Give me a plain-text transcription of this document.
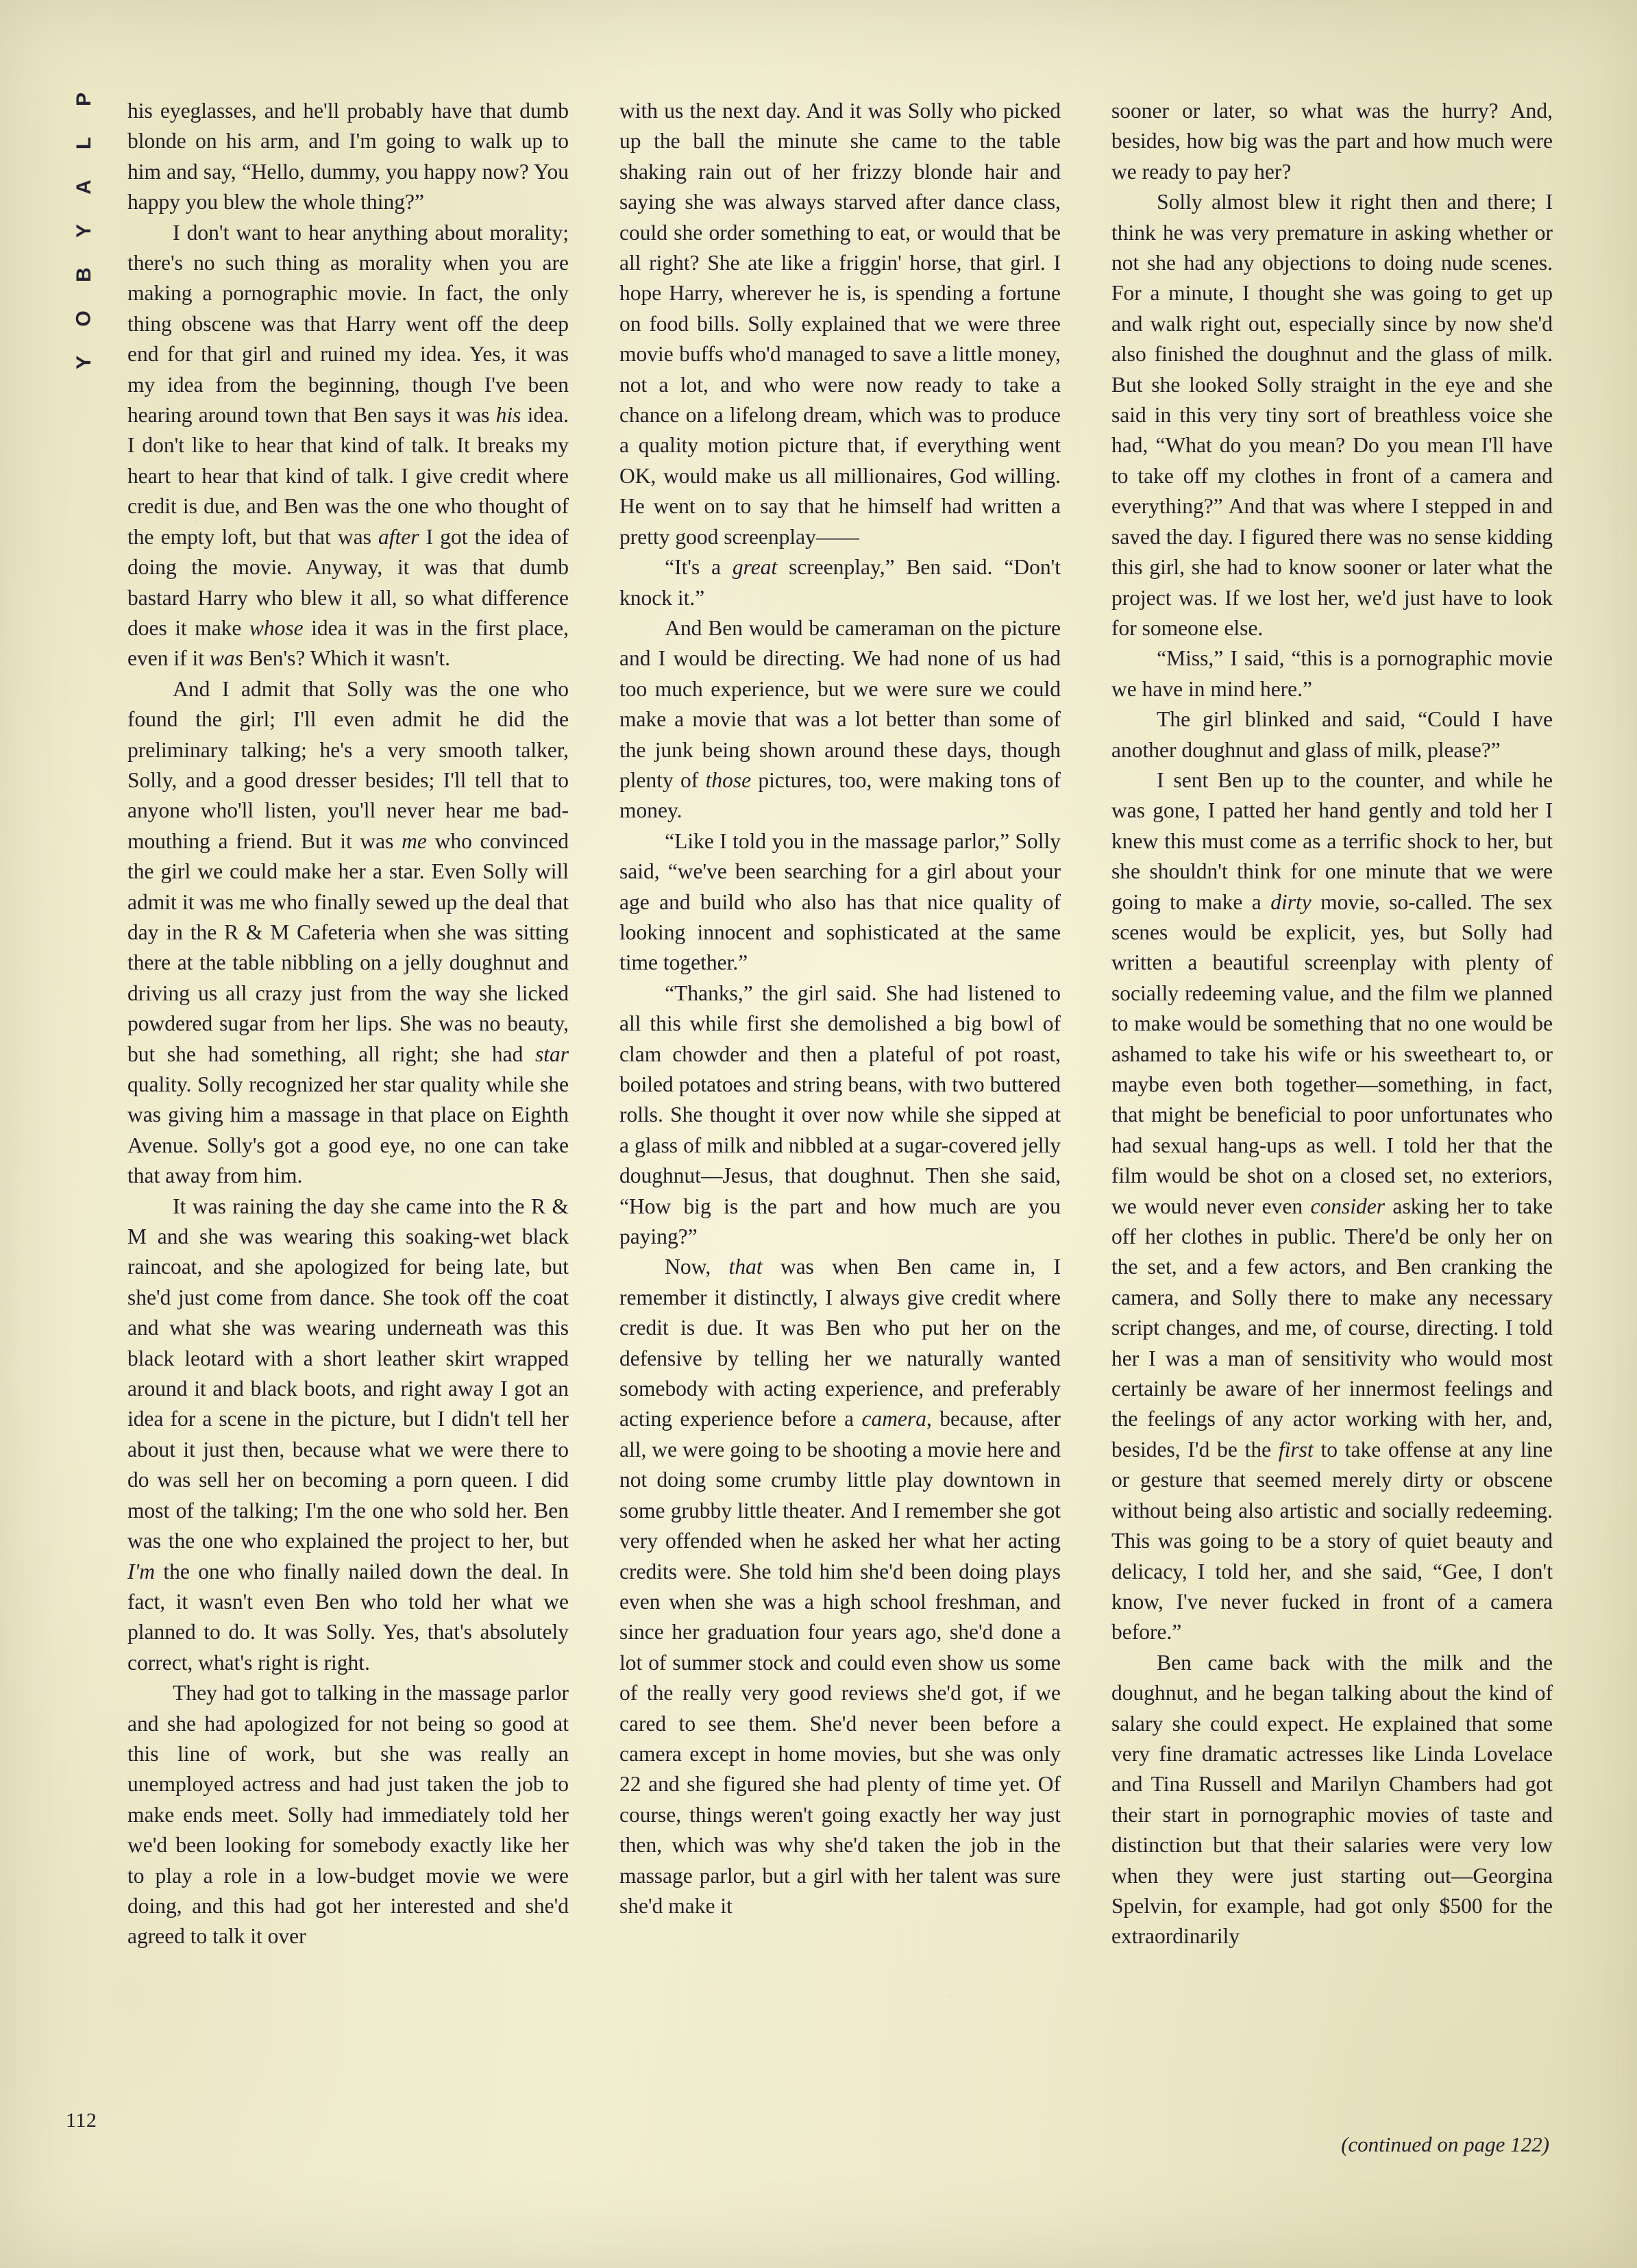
P
L
A
Y
B
O
Y

his eyeglasses, and he'll probably have that dumb blonde on his arm, and I'm going to walk up to him and say, “Hello, dummy, you happy now? You happy you blew the whole thing?”

I don't want to hear anything about morality; there's no such thing as morality when you are making a pornographic movie. In fact, the only thing obscene was that Harry went off the deep end for that girl and ruined my idea. Yes, it was my idea from the beginning, though I've been hearing around town that Ben says it was his idea. I don't like to hear that kind of talk. It breaks my heart to hear that kind of talk. I give credit where credit is due, and Ben was the one who thought of the empty loft, but that was after I got the idea of doing the movie. Anyway, it was that dumb bastard Harry who blew it all, so what difference does it make whose idea it was in the first place, even if it was Ben's? Which it wasn't.

And I admit that Solly was the one who found the girl; I'll even admit he did the preliminary talking; he's a very smooth talker, Solly, and a good dresser besides; I'll tell that to anyone who'll listen, you'll never hear me bad-mouthing a friend. But it was me who convinced the girl we could make her a star. Even Solly will admit it was me who finally sewed up the deal that day in the R & M Cafeteria when she was sitting there at the table nibbling on a jelly doughnut and driving us all crazy just from the way she licked powdered sugar from her lips. She was no beauty, but she had something, all right; she had star quality. Solly recognized her star quality while she was giving him a massage in that place on Eighth Avenue. Solly's got a good eye, no one can take that away from him.

It was raining the day she came into the R & M and she was wearing this soaking-wet black raincoat, and she apologized for being late, but she'd just come from dance. She took off the coat and what she was wearing underneath was this black leotard with a short leather skirt wrapped around it and black boots, and right away I got an idea for a scene in the picture, but I didn't tell her about it just then, because what we were there to do was sell her on becoming a porn queen. I did most of the talking; I'm the one who sold her. Ben was the one who explained the project to her, but I'm the one who finally nailed down the deal. In fact, it wasn't even Ben who told her what we planned to do. It was Solly. Yes, that's absolutely correct, what's right is right.

They had got to talking in the massage parlor and she had apologized for not being so good at this line of work, but she was really an unemployed actress and had just taken the job to make ends meet. Solly had immediately told her we'd been looking for somebody exactly like her to play a role in a low-budget movie we were doing, and this had got her interested and she'd agreed to talk it over

with us the next day. And it was Solly who picked up the ball the minute she came to the table shaking rain out of her frizzy blonde hair and saying she was always starved after dance class, could she order something to eat, or would that be all right? She ate like a friggin' horse, that girl. I hope Harry, wherever he is, is spending a fortune on food bills. Solly explained that we were three movie buffs who'd managed to save a little money, not a lot, and who were now ready to take a chance on a lifelong dream, which was to produce a quality motion picture that, if everything went OK, would make us all millionaires, God willing. He went on to say that he himself had written a pretty good screenplay——

“It's a great screenplay,” Ben said. “Don't knock it.”

And Ben would be cameraman on the picture and I would be directing. We had none of us had too much experience, but we were sure we could make a movie that was a lot better than some of the junk being shown around these days, though plenty of those pictures, too, were making tons of money.

“Like I told you in the massage parlor,” Solly said, “we've been searching for a girl about your age and build who also has that nice quality of looking innocent and sophisticated at the same time together.”

“Thanks,” the girl said. She had listened to all this while first she demolished a big bowl of clam chowder and then a plateful of pot roast, boiled potatoes and string beans, with two buttered rolls. She thought it over now while she sipped at a glass of milk and nibbled at a sugar-covered jelly doughnut—Jesus, that doughnut. Then she said, “How big is the part and how much are you paying?”

Now, that was when Ben came in, I remember it distinctly, I always give credit where credit is due. It was Ben who put her on the defensive by telling her we naturally wanted somebody with acting experience, and preferably acting experience before a camera, because, after all, we were going to be shooting a movie here and not doing some crumby little play downtown in some grubby little theater. And I remember she got very offended when he asked her what her acting credits were. She told him she'd been doing plays even when she was a high school freshman, and since her graduation four years ago, she'd done a lot of summer stock and could even show us some of the really very good reviews she'd got, if we cared to see them. She'd never been before a camera except in home movies, but she was only 22 and she figured she had plenty of time yet. Of course, things weren't going exactly her way just then, which was why she'd taken the job in the massage parlor, but a girl with her talent was sure she'd make it

sooner or later, so what was the hurry? And, besides, how big was the part and how much were we ready to pay her?

Solly almost blew it right then and there; I think he was very premature in asking whether or not she had any objections to doing nude scenes. For a minute, I thought she was going to get up and walk right out, especially since by now she'd also finished the doughnut and the glass of milk. But she looked Solly straight in the eye and she said in this very tiny sort of breathless voice she had, “What do you mean? Do you mean I'll have to take off my clothes in front of a camera and everything?” And that was where I stepped in and saved the day. I figured there was no sense kidding this girl, she had to know sooner or later what the project was. If we lost her, we'd just have to look for someone else.

“Miss,” I said, “this is a pornographic movie we have in mind here.”

The girl blinked and said, “Could I have another doughnut and glass of milk, please?”

I sent Ben up to the counter, and while he was gone, I patted her hand gently and told her I knew this must come as a terrific shock to her, but she shouldn't think for one minute that we were going to make a dirty movie, so-called. The sex scenes would be explicit, yes, but Solly had written a beautiful screenplay with plenty of socially redeeming value, and the film we planned to make would be something that no one would be ashamed to take his wife or his sweetheart to, or maybe even both together—something, in fact, that might be beneficial to poor unfortunates who had sexual hang-ups as well. I told her that the film would be shot on a closed set, no exteriors, we would never even consider asking her to take off her clothes in public. There'd be only her on the set, and a few actors, and Ben cranking the camera, and Solly there to make any necessary script changes, and me, of course, directing. I told her I was a man of sensitivity who would most certainly be aware of her innermost feelings and the feelings of any actor working with her, and, besides, I'd be the first to take offense at any line or gesture that seemed merely dirty or obscene without being also artistic and socially redeeming. This was going to be a story of quiet beauty and delicacy, I told her, and she said, “Gee, I don't know, I've never fucked in front of a camera before.”

Ben came back with the milk and the doughnut, and he began talking about the kind of salary she could expect. He explained that some very fine dramatic actresses like Linda Lovelace and Tina Russell and Marilyn Chambers had got their start in pornographic movies of taste and distinction but that their salaries were very low when they were just starting out—Georgina Spelvin, for example, had got only $500 for the extraordinarily

112
(continued on page 122)
